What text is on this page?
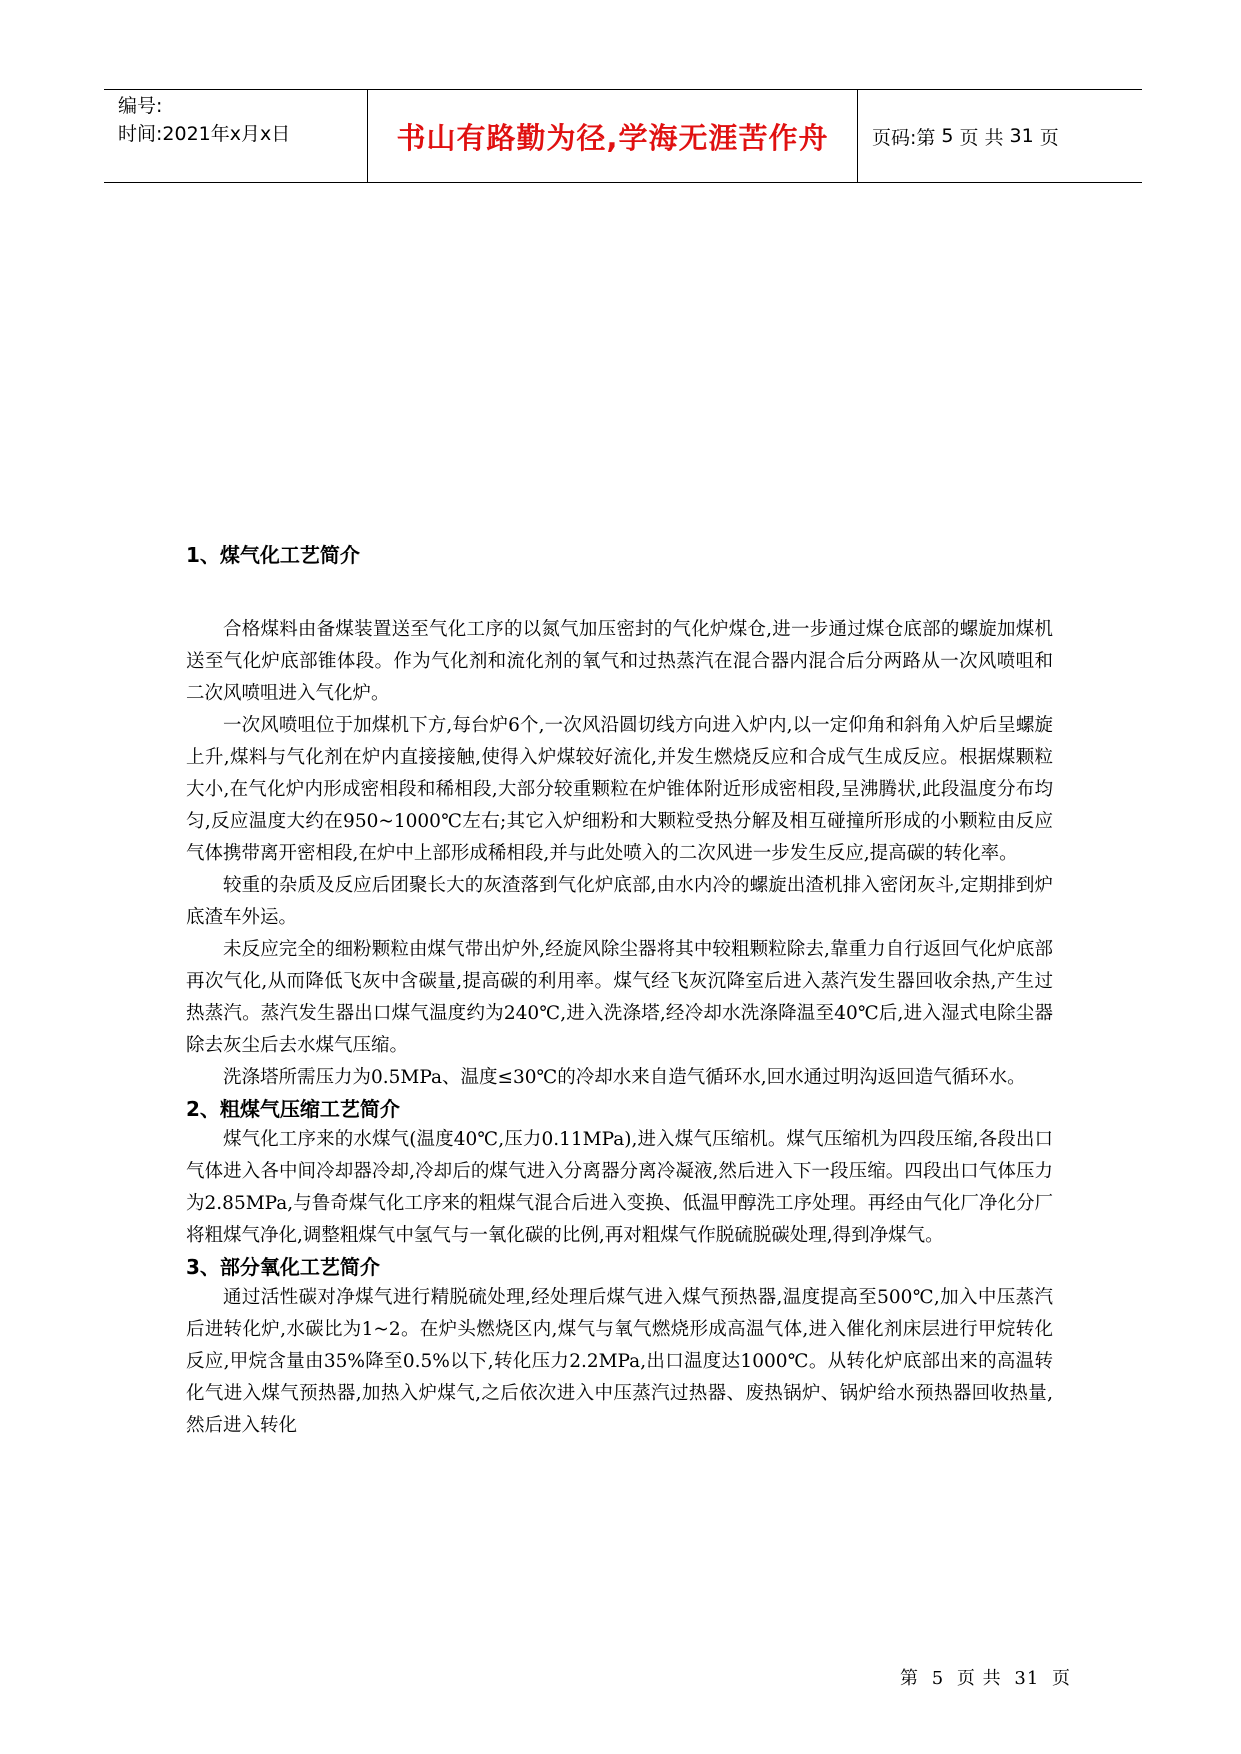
编号:
时间:2021年x月x日	书山有路勤为径,学海无涯苦作舟 页码:第 5 页 共 31 页
1、煤气化工艺简介

合格煤料由备煤装置送至气化工序的以氮气加压密封的气化炉煤仓,进一步通过煤仓底部的螺旋加煤机送至气化炉底部锥体段。作为气化剂和流化剂的氧气和过热蒸汽在混合器内混合后分两路从一次风喷咀和二次风喷咀进入气化炉。

一次风喷咀位于加煤机下方,每台炉6个,一次风沿圆切线方向进入炉内,以一定仰角和斜角入炉后呈螺旋上升,煤料与气化剂在炉内直接接触,使得入炉煤较好流化,并发生燃烧反应和合成气生成反应。根据煤颗粒大小,在气化炉内形成密相段和稀相段,大部分较重颗粒在炉锥体附近形成密相段,呈沸腾状,此段温度分布均匀,反应温度大约在950~1000℃左右;其它入炉细粉和大颗粒受热分解及相互碰撞所形成的小颗粒由反应气体携带离开密相段,在炉中上部形成稀相段,并与此处喷入的二次风进一步发生反应,提高碳的转化率。

较重的杂质及反应后团聚长大的灰渣落到气化炉底部,由水内冷的螺旋出渣机排入密闭灰斗,定期排到炉底渣车外运。

未反应完全的细粉颗粒由煤气带出炉外,经旋风除尘器将其中较粗颗粒除去,靠重力自行返回气化炉底部再次气化,从而降低飞灰中含碳量,提高碳的利用率。煤气经飞灰沉降室后进入蒸汽发生器回收余热,产生过热蒸汽。蒸汽发生器出口煤气温度约为240℃,进入洗涤塔,经冷却水洗涤降温至40℃后,进入湿式电除尘器除去灰尘后去水煤气压缩。

洗涤塔所需压力为0.5MPa、温度≤30℃的冷却水来自造气循环水,回水通过明沟返回造气循环水。

2、粗煤气压缩工艺简介

煤气化工序来的水煤气(温度40℃,压力0.11MPa),进入煤气压缩机。煤气压缩机为四段压缩,各段出口气体进入各中间冷却器冷却,冷却后的煤气进入分离器分离冷凝液,然后进入下一段压缩。四段出口气体压力为2.85MPa,与鲁奇煤气化工序来的粗煤气混合后进入变换、低温甲醇洗工序处理。再经由气化厂净化分厂将粗煤气净化,调整粗煤气中氢气与一氧化碳的比例,再对粗煤气作脱硫脱碳处理,得到净煤气。

3、部分氧化工艺简介

通过活性碳对净煤气进行精脱硫处理,经处理后煤气进入煤气预热器,温度提高至500℃,加入中压蒸汽后进转化炉,水碳比为1~2。在炉头燃烧区内,煤气与氧气燃烧形成高温气体,进入催化剂床层进行甲烷转化反应,甲烷含量由35%降至0.5%以下,转化压力2.2MPa,出口温度达1000℃。从转化炉底部出来的高温转化气进入煤气预热器,加热入炉煤气,之后依次进入中压蒸汽过热器、废热锅炉、锅炉给水预热器回收热量,然后进入转化

第 5 页 共 31 页
